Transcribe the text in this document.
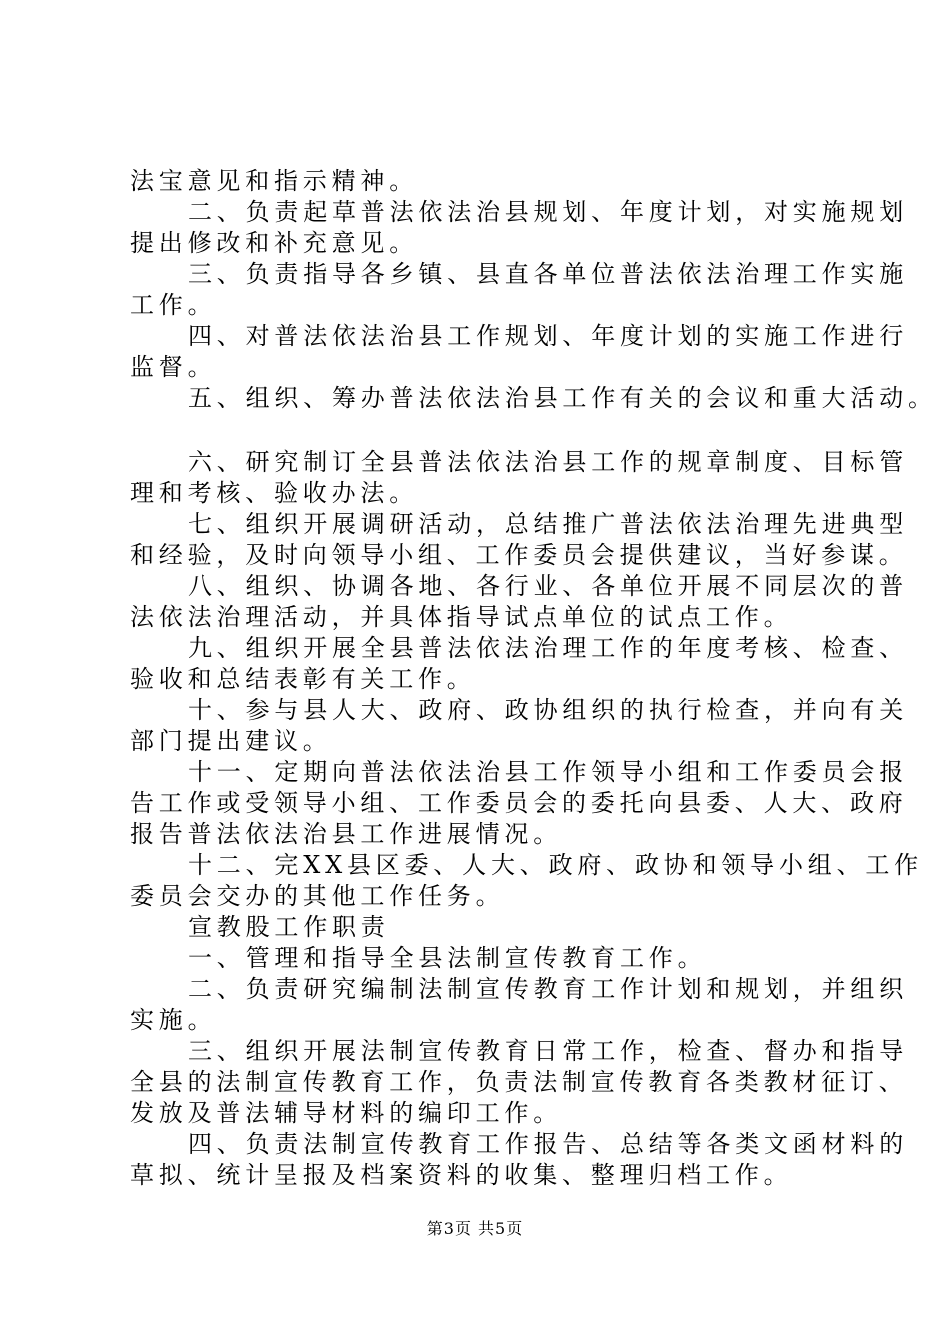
法宝意见和指示精神。
二、负责起草普法依法治县规划、年度计划，对实施规划
提出修改和补充意见。
三、负责指导各乡镇、县直各单位普法依法治理工作实施
工作。
四、对普法依法治县工作规划、年度计划的实施工作进行
监督。
五、组织、筹办普法依法治县工作有关的会议和重大活动。
六、研究制订全县普法依法治县工作的规章制度、目标管
理和考核、验收办法。
七、组织开展调研活动，总结推广普法依法治理先进典型
和经验，及时向领导小组、工作委员会提供建议，当好参谋。
八、组织、协调各地、各行业、各单位开展不同层次的普
法依法治理活动，并具体指导试点单位的试点工作。
九、组织开展全县普法依法治理工作的年度考核、检查、
验收和总结表彰有关工作。
十、参与县人大、政府、政协组织的执行检查，并向有关
部门提出建议。
十一、定期向普法依法治县工作领导小组和工作委员会报
告工作或受领导小组、工作委员会的委托向县委、人大、政府
报告普法依法治县工作进展情况。
十二、完XX县区委、人大、政府、政协和领导小组、工作
委员会交办的其他工作任务。
宣教股工作职责
一、管理和指导全县法制宣传教育工作。
二、负责研究编制法制宣传教育工作计划和规划，并组织
实施。
三、组织开展法制宣传教育日常工作，检查、督办和指导
全县的法制宣传教育工作，负责法制宣传教育各类教材征订、
发放及普法辅导材料的编印工作。
四、负责法制宣传教育工作报告、总结等各类文函材料的
草拟、统计呈报及档案资料的收集、整理归档工作。
第3页 共5页
